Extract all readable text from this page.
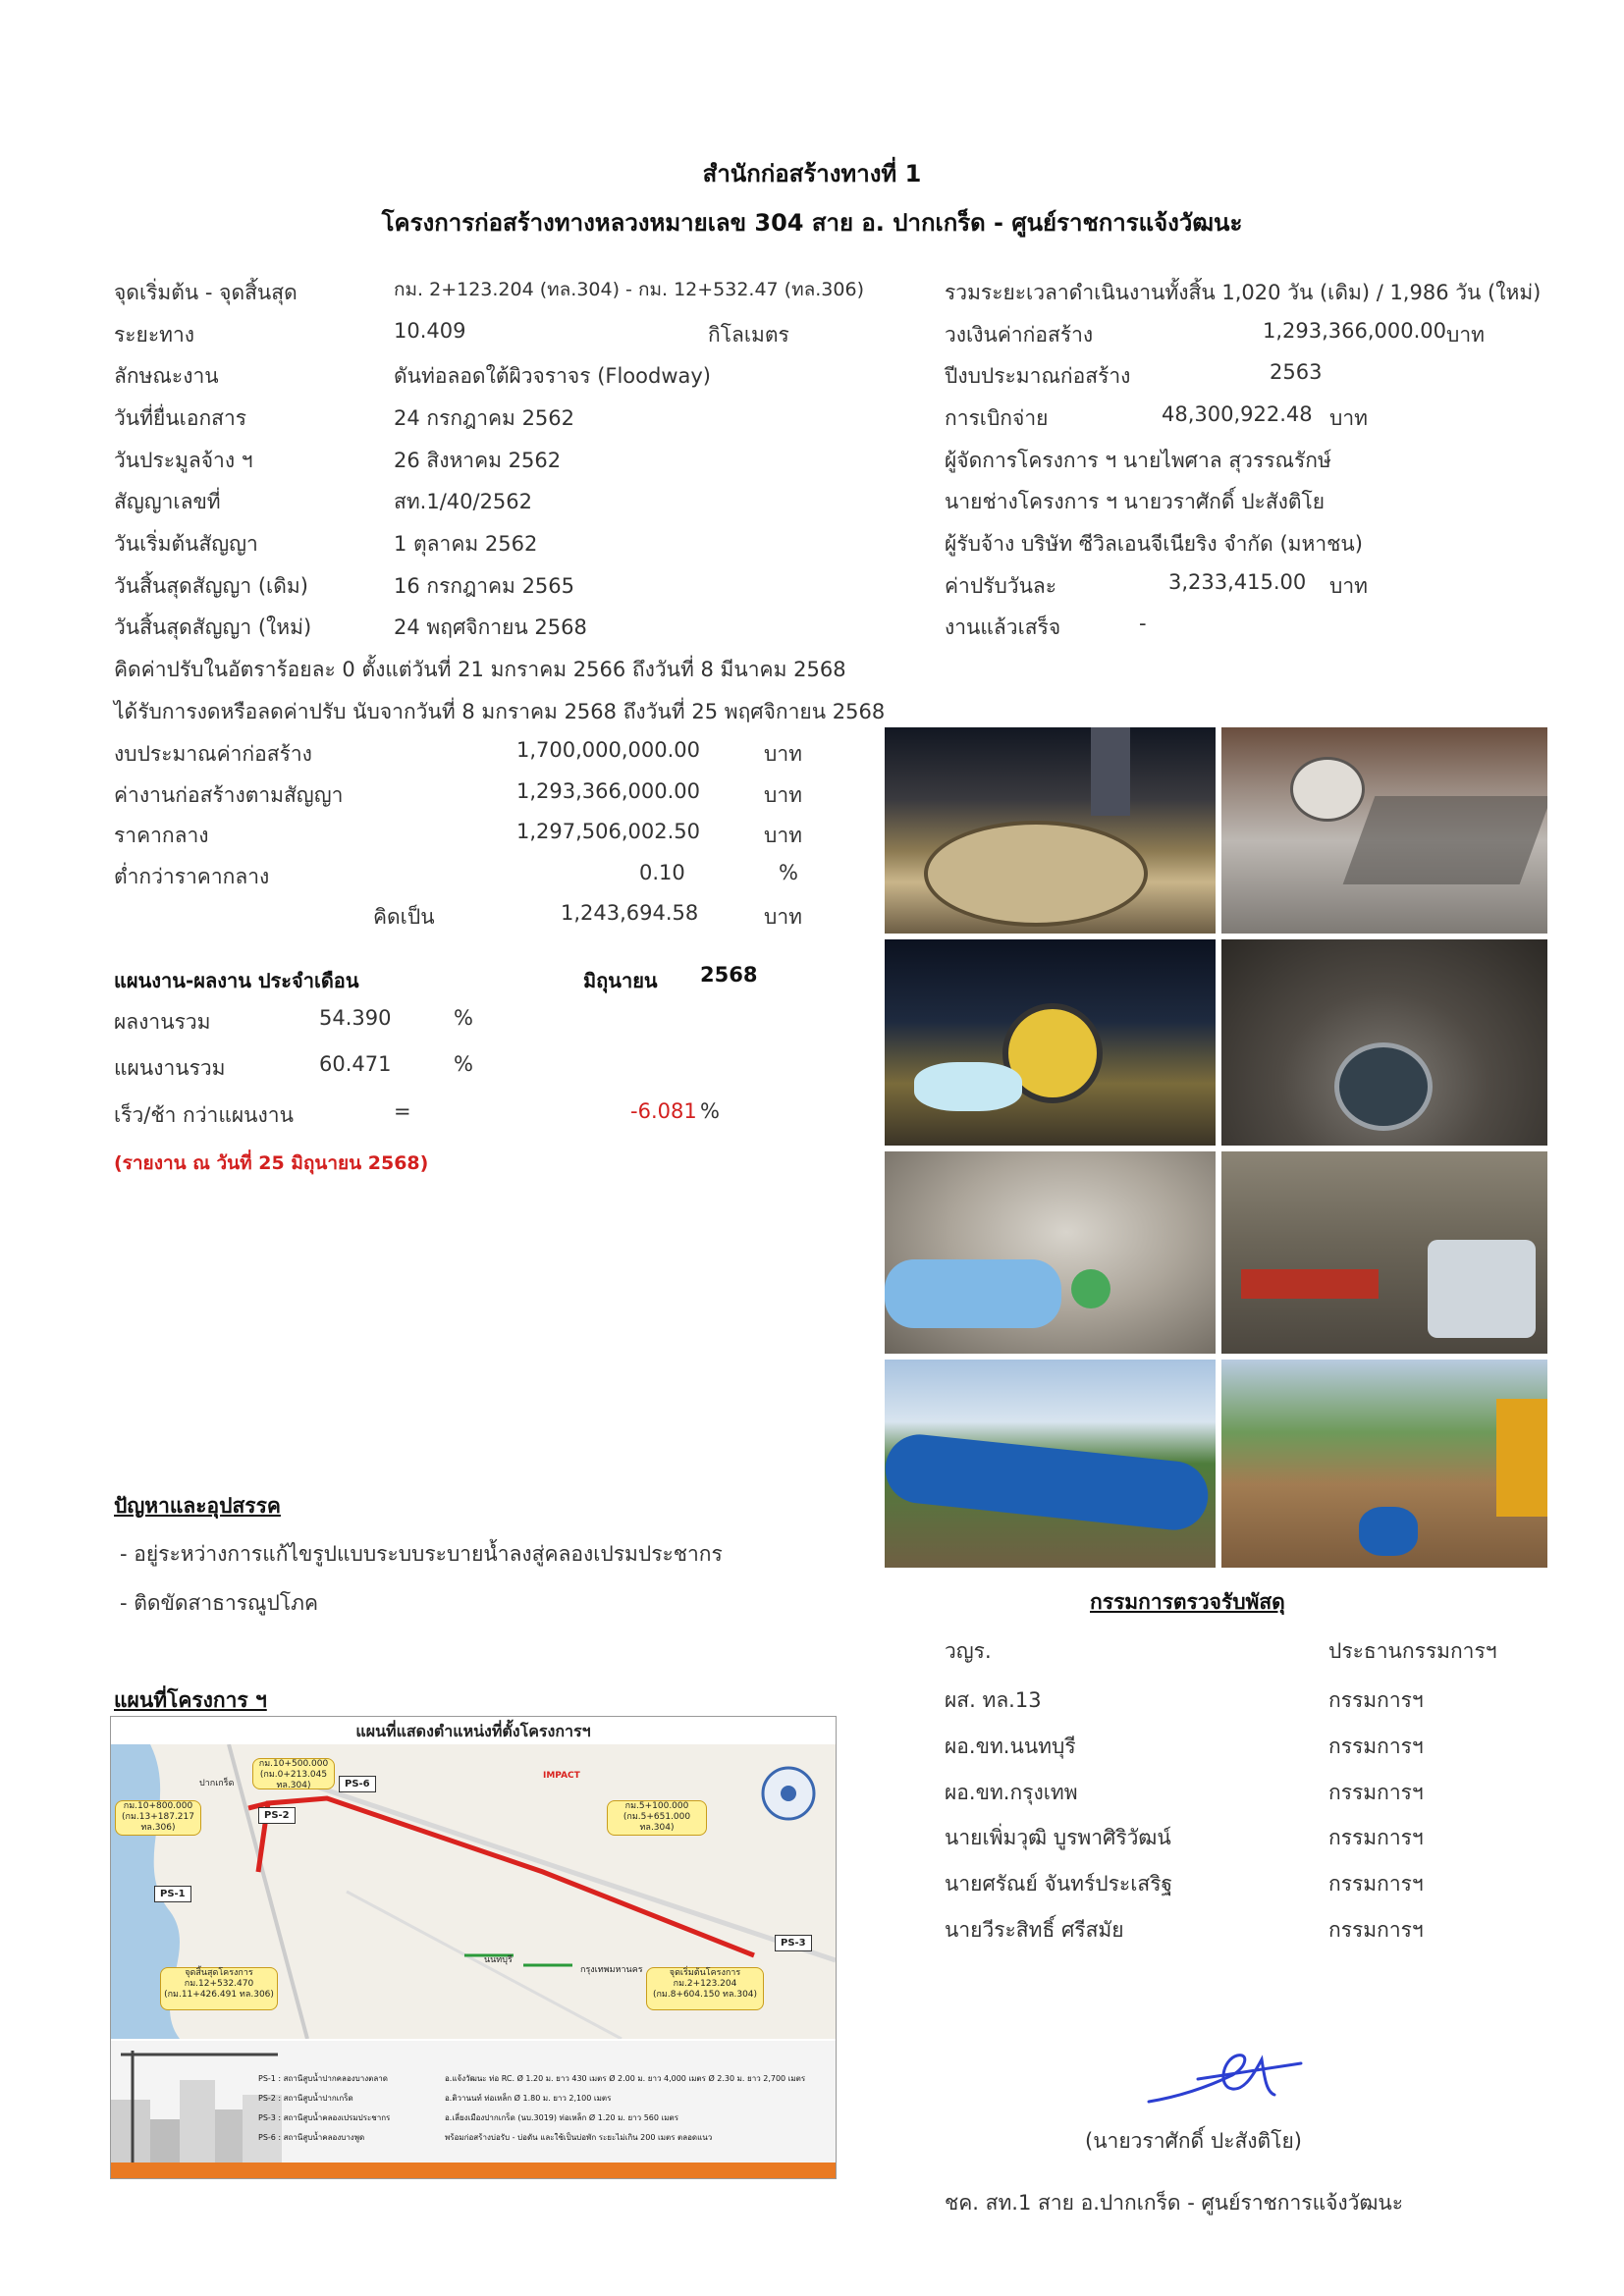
สำนักก่อสร้างทางที่ 1
โครงการก่อสร้างทางหลวงหมายเลข 304 สาย อ. ปากเกร็ด - ศูนย์ราชการแจ้งวัฒนะ
จุดเริ่มต้น - จุดสิ้นสุด	กม. 2+123.204 (ทล.304) - กม. 12+532.47 (ทล.306)
ระยะทาง	10.409	กิโลเมตร
ลักษณะงาน	ดันท่อลอดใต้ผิวจราจร (Floodway)
วันที่ยื่นเอกสาร	24 กรกฎาคม 2562
วันประมูลจ้าง ฯ	26 สิงหาคม 2562
สัญญาเลขที่	สท.1/40/2562
วันเริ่มต้นสัญญา	1 ตุลาคม 2562
วันสิ้นสุดสัญญา (เดิม)	16 กรกฎาคม 2565
วันสิ้นสุดสัญญา (ใหม่)	24 พฤศจิกายน 2568
คิดค่าปรับในอัตราร้อยละ 0 ตั้งแต่วันที่ 21 มกราคม 2566 ถึงวันที่ 8 มีนาคม 2568
ได้รับการงดหรือลดค่าปรับ นับจากวันที่ 8 มกราคม 2568 ถึงวันที่ 25 พฤศจิกายน 2568
รวมระยะเวลาดำเนินงานทั้งสิ้น 1,020 วัน (เดิม) / 1,986 วัน (ใหม่)
วงเงินค่าก่อสร้าง	1,293,366,000.00 บาท
ปีงบประมาณก่อสร้าง	2563
การเบิกจ่าย	48,300,922.48 บาท
ผู้จัดการโครงการ ฯ นายไพศาล สุวรรณรักษ์
นายช่างโครงการ ฯ นายวราศักดิ์ ปะสังติโย
ผู้รับจ้าง บริษัท ซีวิลเอนจีเนียริง จำกัด (มหาชน)
ค่าปรับวันละ	3,233,415.00 บาท
งานแล้วเสร็จ	-
งบประมาณค่าก่อสร้าง	1,700,000,000.00	บาท
ค่างานก่อสร้างตามสัญญา	1,293,366,000.00	บาท
ราคากลาง	1,297,506,002.50	บาท
ต่ำกว่าราคากลาง	0.10	%
คิดเป็น	1,243,694.58	บาท
แผนงาน-ผลงาน ประจำเดือน	มิถุนายน 2568
ผลงานรวม	54.390	%
แผนงานรวม	60.471	%
เร็ว/ช้า กว่าแผนงาน	=	-6.081 %
(รายงาน ณ วันที่ 25 มิถุนายน 2568)
ปัญหาและอุปสรรค
- อยู่ระหว่างการแก้ไขรูปแบบระบบระบายน้ำลงสู่คลองเปรมประชากร
- ติดขัดสาธารณูปโภค
แผนที่โครงการ ฯ
แผนที่แสดงตำแหน่งที่ตั้งโครงการฯ
ปากเกร็ด
IMPACT
นนทบุรี
กรุงเทพมหานคร
PS-1
PS-2
PS-6
PS-3
กม.10+800.000 (กม.13+187.217 ทล.306)
กม.10+500.000 (กม.0+213.045 ทล.304)
กม.5+100.000 (กม.5+651.000 ทล.304)
จุดสิ้นสุดโครงการ กม.12+532.470 (กม.11+426.491 ทล.306)
จุดเริ่มต้นโครงการ กม.2+123.204 (กม.8+604.150 ทล.304)
PS-1 : สถานีสูบน้ำปากคลองบางตลาด
PS-2 : สถานีสูบน้ำปากเกร็ด
PS-3 : สถานีสูบน้ำคลองเปรมประชากร
PS-6 : สถานีสูบน้ำคลองบางพูด
อ.แจ้งวัฒนะ ท่อ RC. Ø 1.20 ม. ยาว 430 เมตร Ø 2.00 ม. ยาว 4,000 เมตร Ø 2.30 ม. ยาว 2,700 เมตร
อ.ติวานนท์ ท่อเหล็ก Ø 1.80 ม. ยาว 2,100 เมตร
อ.เลี่ยงเมืองปากเกร็ด (นบ.3019) ท่อเหล็ก Ø 1.20 ม. ยาว 560 เมตร
พร้อมก่อสร้างบ่อรับ - บ่อดัน และใช้เป็นบ่อพัก ระยะไม่เกิน 200 เมตร ตลอดแนว
กรรมการตรวจรับพัสดุ
วญร.	ประธานกรรมการฯ
ผส. ทล.13	กรรมการฯ
ผอ.ขท.นนทบุรี	กรรมการฯ
ผอ.ขท.กรุงเทพ	กรรมการฯ
นายเพิ่มวุฒิ บูรพาศิริวัฒน์	กรรมการฯ
นายศรัณย์ จันทร์ประเสริฐ	กรรมการฯ
นายวีระสิทธิ์ ศรีสมัย	กรรมการฯ
(นายวราศักดิ์ ปะสังติโย)
ชค. สท.1 สาย อ.ปากเกร็ด - ศูนย์ราชการแจ้งวัฒนะ
